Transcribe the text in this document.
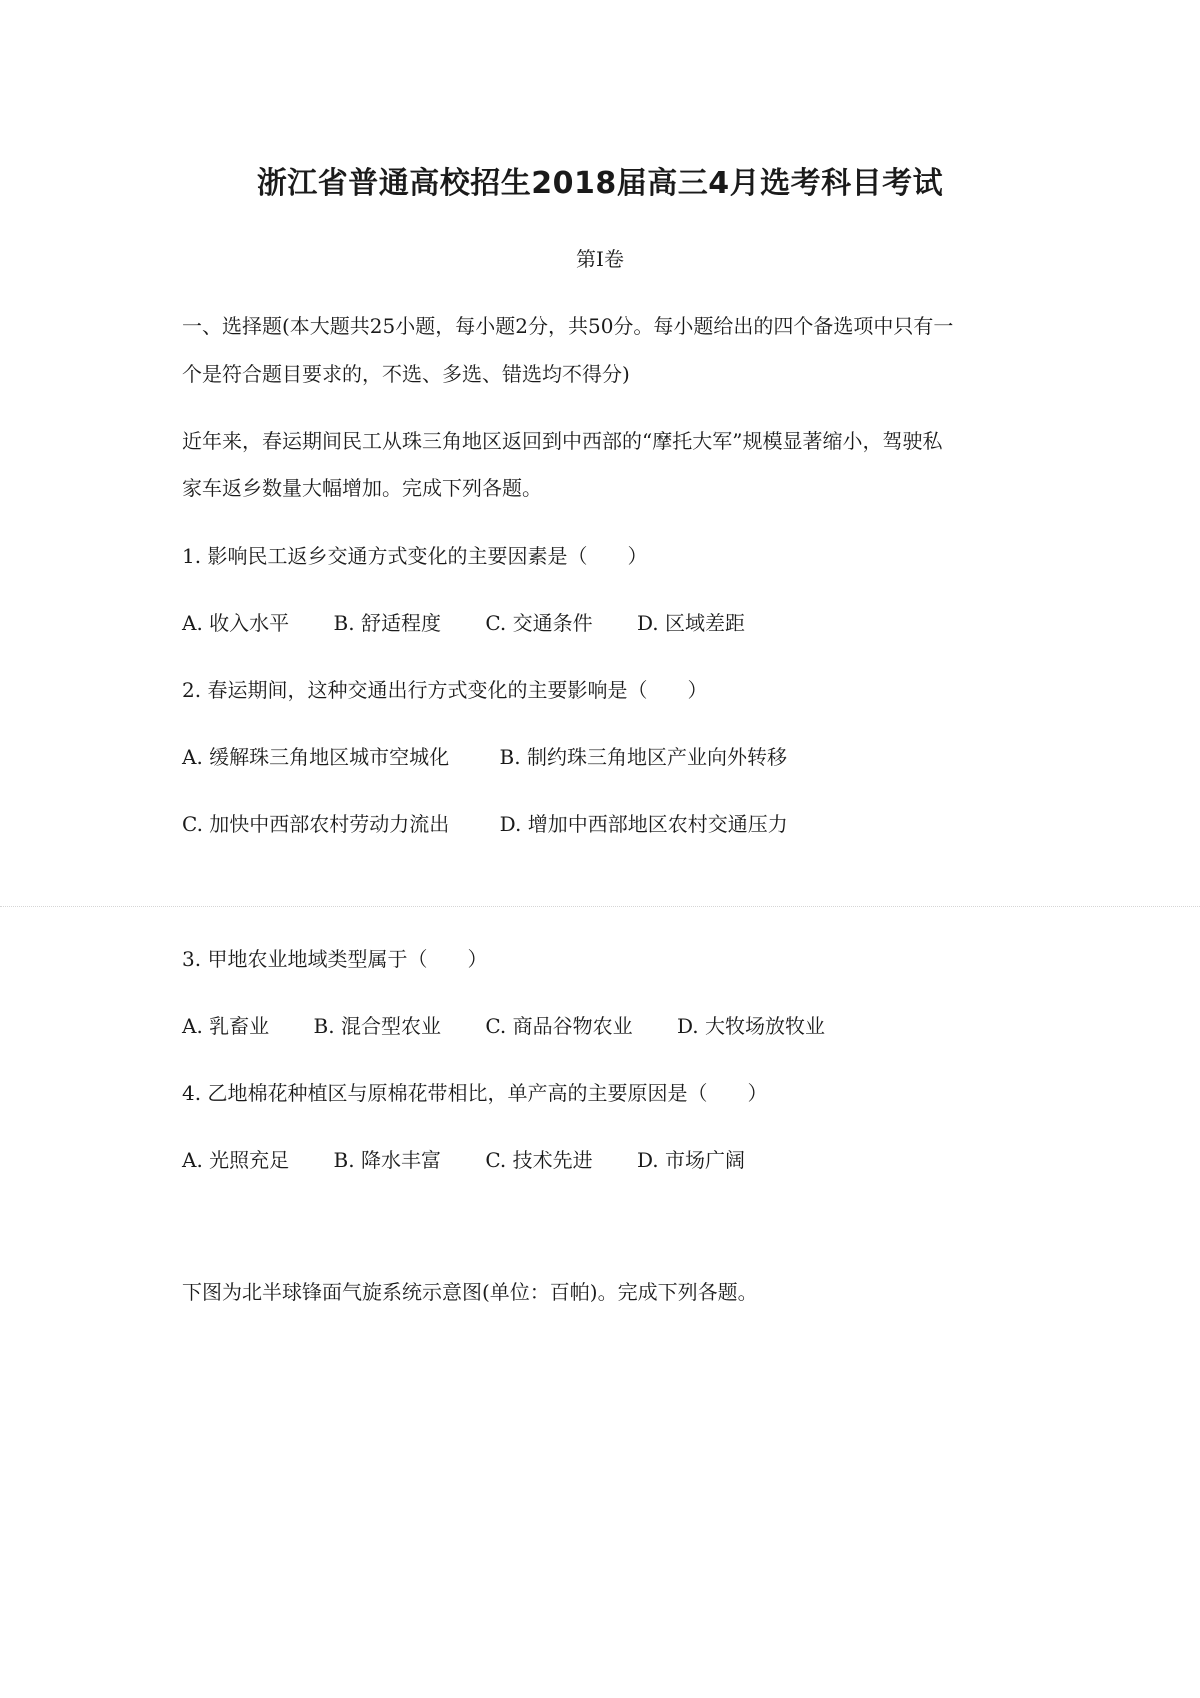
浙江省普通高校招生2018届高三4月选考科目考试
第I卷
一、选择题(本大题共25小题，每小题2分，共50分。每小题给出的四个备选项中只有一
个是符合题目要求的，不选、多选、错选均不得分)
近年来，春运期间民工从珠三角地区返回到中西部的“摩托大军”规模显著缩小，驾驶私
家车返乡数量大幅增加。完成下列各题。
1. 影响民工返乡交通方式变化的主要因素是（　　）
A. 收入水平 B. 舒适程度 C. 交通条件 D. 区域差距
2. 春运期间，这种交通出行方式变化的主要影响是（　　）
A. 缓解珠三角地区城市空城化	B. 制约珠三角地区产业向外转移
C. 加快中西部农村劳动力流出	D. 增加中西部地区农村交通压力
3. 甲地农业地域类型属于（　　）
A. 乳畜业 B. 混合型农业 C. 商品谷物农业 D. 大牧场放牧业
4. 乙地棉花种植区与原棉花带相比，单产高的主要原因是（　　）
A. 光照充足 B. 降水丰富 C. 技术先进 D. 市场广阔
下图为北半球锋面气旋系统示意图(单位：百帕)。完成下列各题。
